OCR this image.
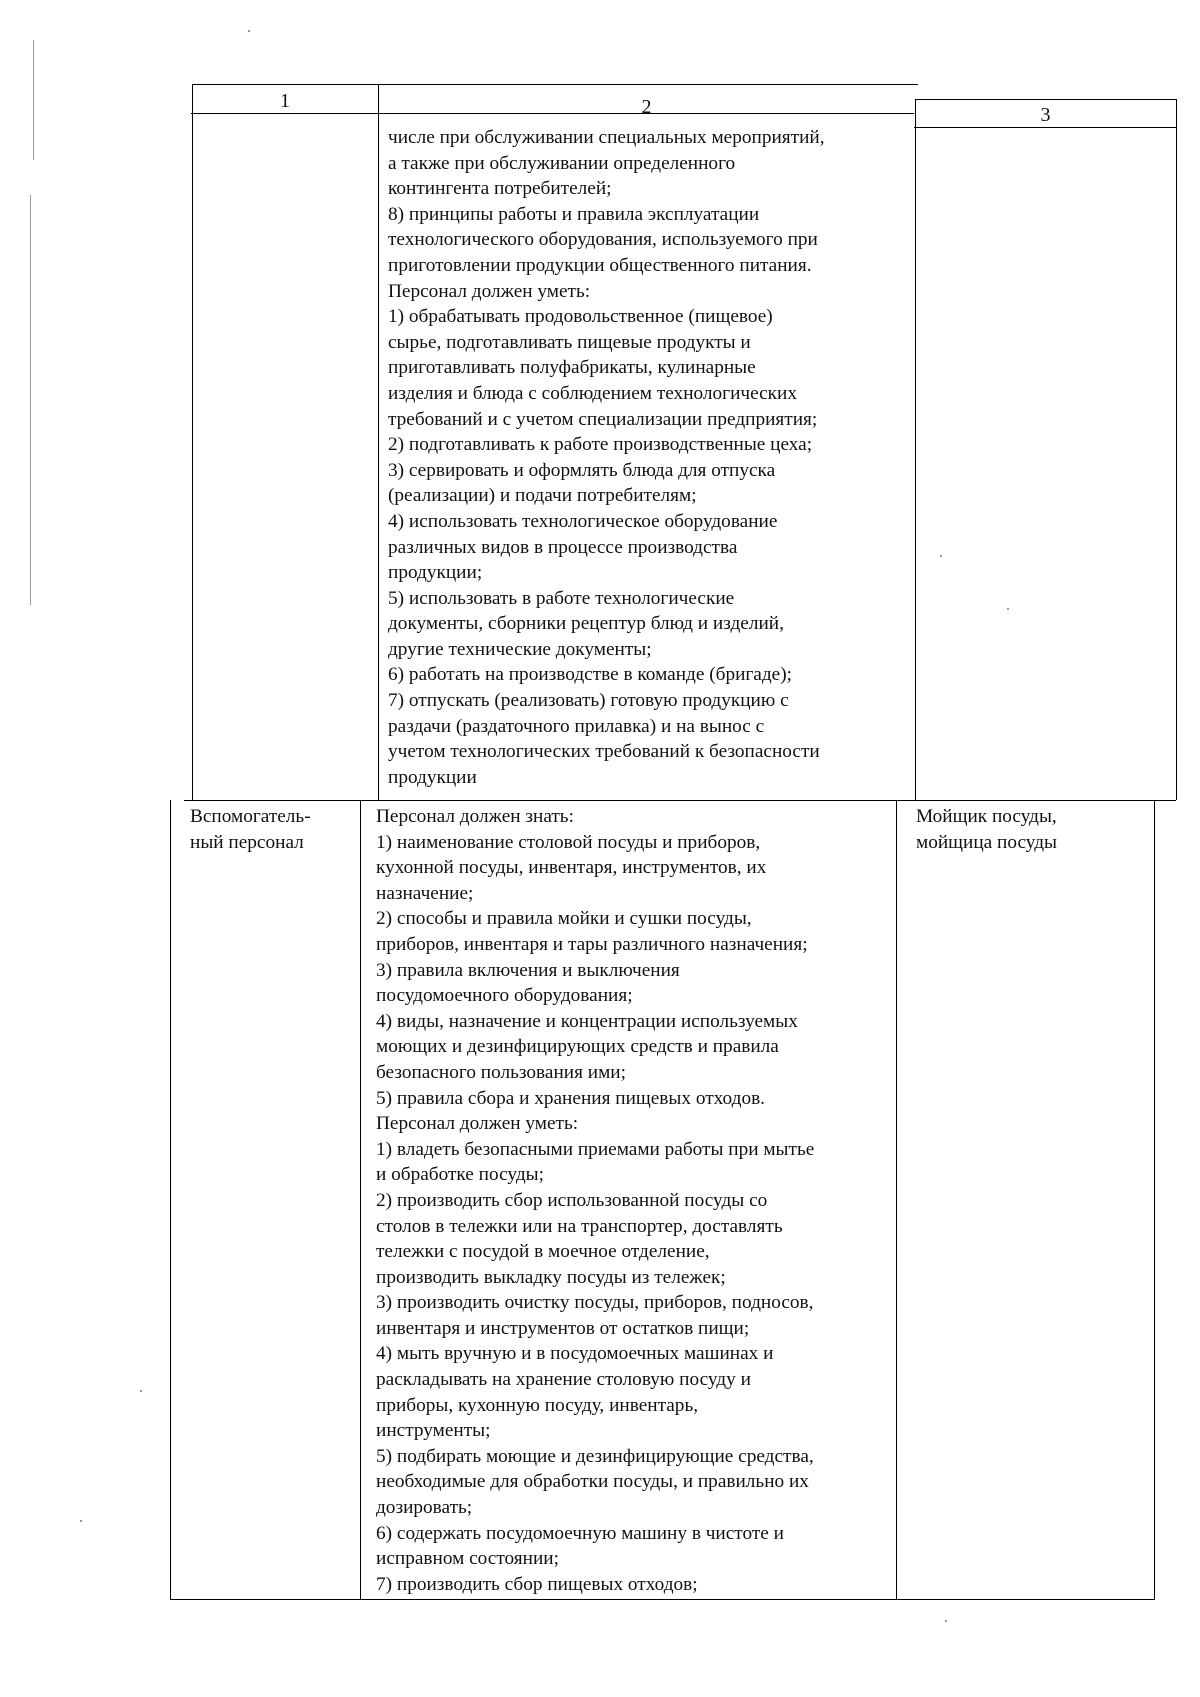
1	2	3
числе при обслуживании специальных мероприятий,
а также при обслуживании определенного
контингента потребителей;
8) принципы работы и правила эксплуатации
технологического оборудования, используемого при
приготовлении продукции общественного питания.
Персонал должен уметь:
1) обрабатывать продовольственное (пищевое)
сырье, подготавливать пищевые продукты и
приготавливать полуфабрикаты, кулинарные
изделия и блюда с соблюдением технологических
требований и с учетом специализации предприятия;
2) подготавливать к работе производственные цеха;
3) сервировать и оформлять блюда для отпуска
(реализации) и подачи потребителям;
4) использовать технологическое оборудование
различных видов в процессе производства
продукции;
5) использовать в работе технологические
документы, сборники рецептур блюд и изделий,
другие технические документы;
6) работать на производстве в команде (бригаде);
7) отпускать (реализовать) готовую продукцию с
раздачи (раздаточного прилавка) и на вынос с
учетом технологических требований к безопасности
продукции
Вспомогатель-
ный персонал
Персонал должен знать:
1) наименование столовой посуды и приборов,
кухонной посуды, инвентаря, инструментов, их
назначение;
2) способы и правила мойки и сушки посуды,
приборов, инвентаря и тары различного назначения;
3) правила включения и выключения
посудомоечного оборудования;
4) виды, назначение и концентрации используемых
моющих и дезинфицирующих средств и правила
безопасного пользования ими;
5) правила сбора и хранения пищевых отходов.
Персонал должен уметь:
1) владеть безопасными приемами работы при мытье
и обработке посуды;
2) производить сбор использованной посуды со
столов в тележки или на транспортер, доставлять
тележки с посудой в моечное отделение,
производить выкладку посуды из тележек;
3) производить очистку посуды, приборов, подносов,
инвентаря и инструментов от остатков пищи;
4) мыть вручную и в посудомоечных машинах и
раскладывать на хранение столовую посуду и
приборы, кухонную посуду, инвентарь,
инструменты;
5) подбирать моющие и дезинфицирующие средства,
необходимые для обработки посуды, и правильно их
дозировать;
6) содержать посудомоечную машину в чистоте и
исправном состоянии;
7) производить сбор пищевых отходов;
Мойщик посуды,
мойщица посуды
